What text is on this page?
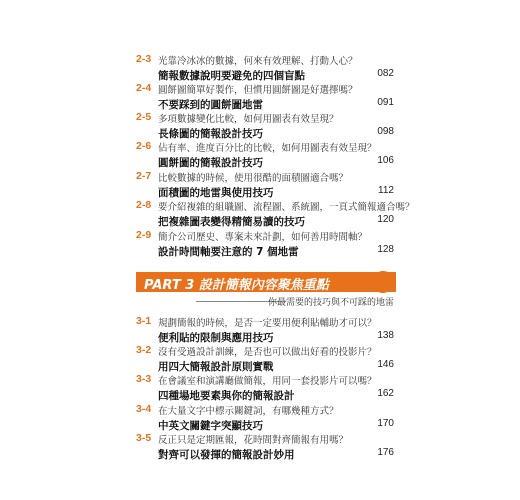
2-3 光靠冷冰冰的數據，何來有效理解、打動人心？
簡報數據說明要避免的四個盲點	082
2-4 圓餅圖簡單好製作，但慣用圓餅圖是好選擇嗎？
不要踩到的圓餅圖地雷	091
2-5 多項數據變化比較，如何用圖表有效呈現？
長條圖的簡報設計技巧	098
2-6 佔有率、進度百分比的比較，如何用圖表有效呈現？
圓餅圖的簡報設計技巧	106
2-7 比較數據的時候，使用很酷的面積圖適合嗎？
面積圖的地雷與使用技巧	112
2-8 要介紹複雜的組職圖、流程圖、系統圖，一頁式簡報適合嗎？
把複雜圖表變得精簡易讀的技巧	120
2-9 簡介公司歷史、專案未來計劃，如何善用時間軸？
設計時間軸要注意的 7 個地雷	128
PART 3 設計簡報內容聚焦重點
你最需要的技巧與不可踩的地雷
3-1 規劃簡報的時候，是否一定要用便利貼輔助才可以？
便利貼的限制與應用技巧	138
3-2 沒有受過設計訓練，是否也可以做出好看的投影片？
用四大簡報設計原則實戰	146
3-3 在會議室和演講廳做簡報，用同一套投影片可以嗎？
四種場地要素與你的簡報設計	162
3-4 在大量文字中標示關鍵詞，有哪幾種方式？
中英文關鍵字突顯技巧	170
3-5 反正只是定期匯報，花時間對齊簡報有用嗎？
對齊可以發揮的簡報設計妙用	176
